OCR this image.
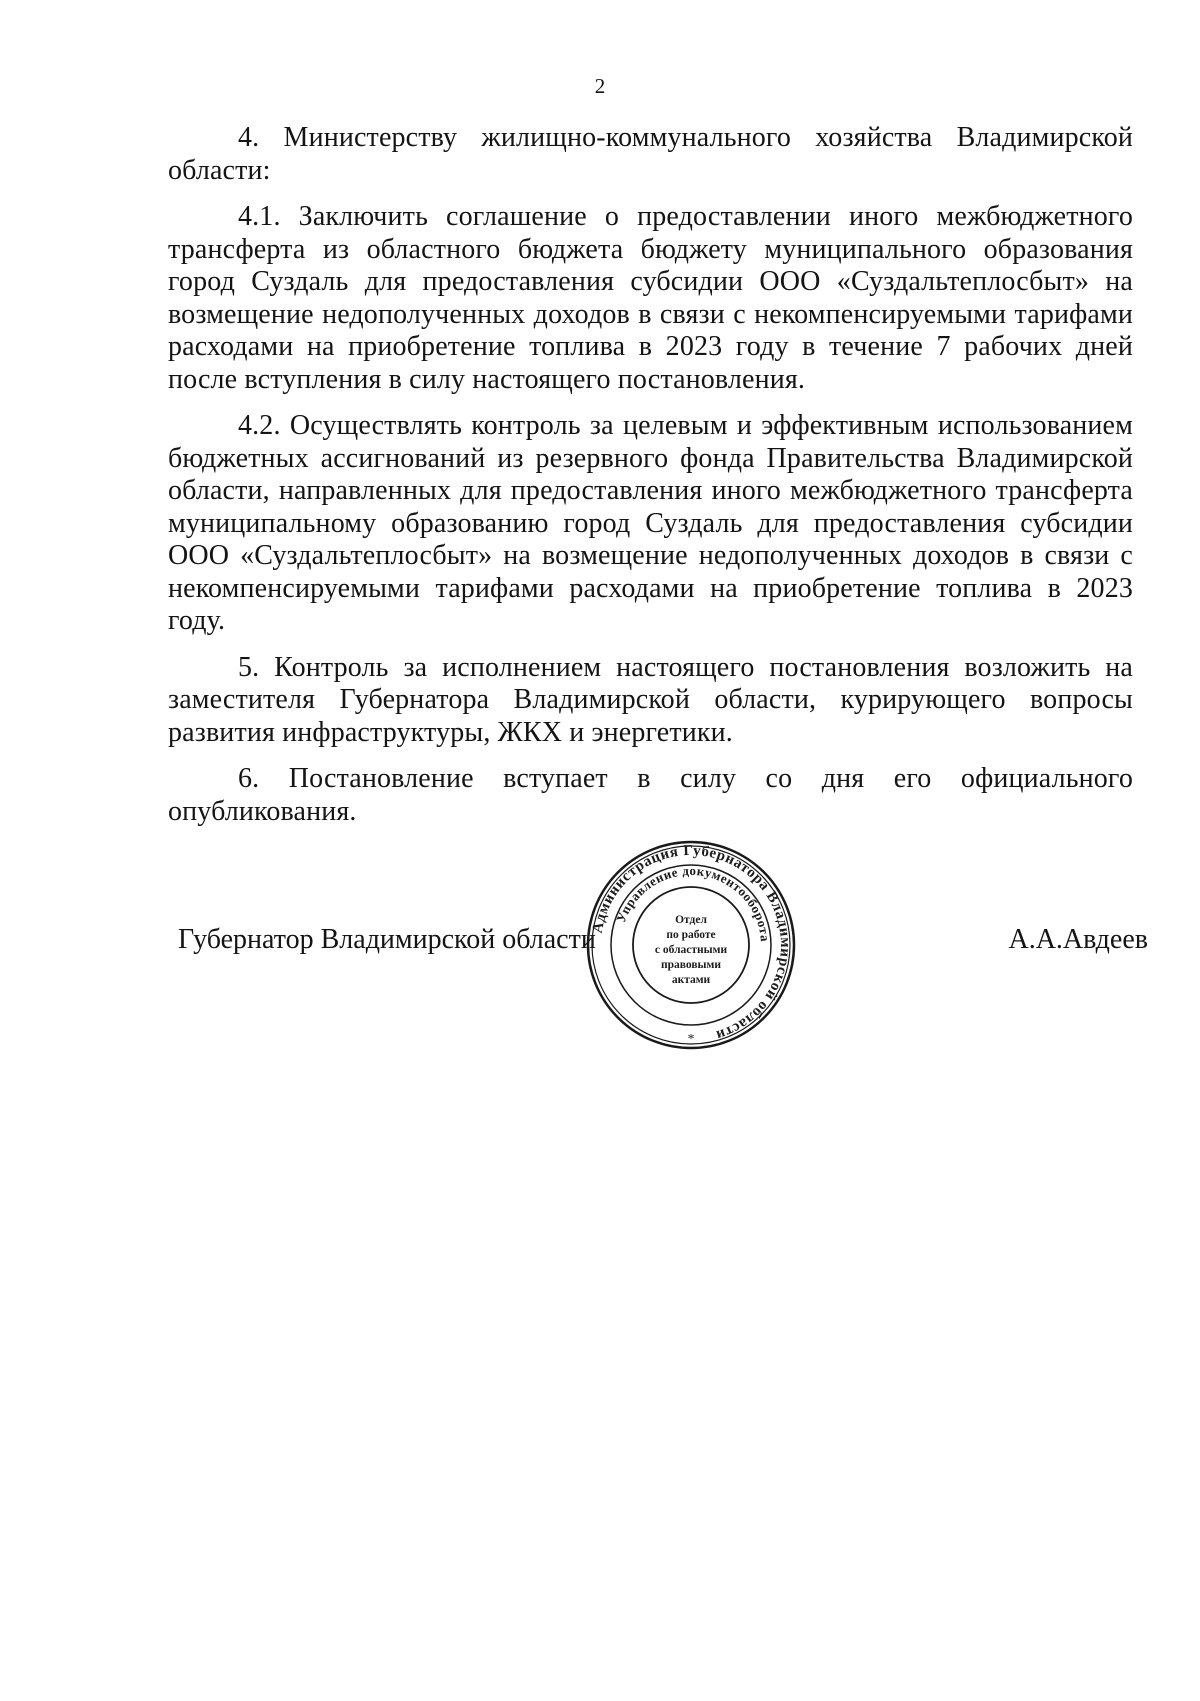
2

4. Министерству жилищно-коммунального хозяйства Владимирской области:

4.1. Заключить соглашение о предоставлении иного межбюджетного трансферта из областного бюджета бюджету муниципального образования город Суздаль для предоставления субсидии ООО «Суздальтеплосбыт» на возмещение недополученных доходов в связи с некомпенсируемыми тарифами расходами на приобретение топлива в 2023 году в течение 7 рабочих дней после вступления в силу настоящего постановления.

4.2. Осуществлять контроль за целевым и эффективным использованием бюджетных ассигнований из резервного фонда Правительства Владимирской области, направленных для предоставления иного межбюджетного трансферта муниципальному образованию город Суздаль для предоставления субсидии ООО «Суздальтеплосбыт» на возмещение недополученных доходов в связи с некомпенсируемыми тарифами расходами на приобретение топлива в 2023 году.

5. Контроль за исполнением настоящего постановления возложить на заместителя Губернатора Владимирской области, курирующего вопросы развития инфраструктуры, ЖКХ и энергетики.

6. Постановление вступает в силу со дня его официального опубликования.

Губернатор Владимирской области	А.А.Авдеев
Администрация Губернатора Владимирской области
Управление документооборота
Отдел
по работе
с областными
правовыми
актами
*
